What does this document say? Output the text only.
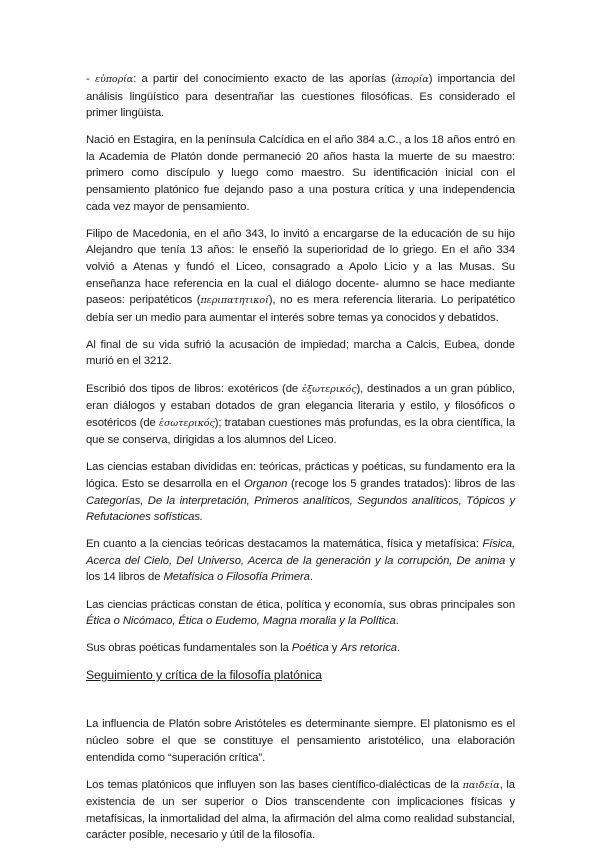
- εὐπορία: a partir del conocimiento exacto de las aporías (ἀπορία) importancia del análisis lingüístico para desentrañar las cuestiones filosóficas. Es considerado el primer lingüista.

Nació en Estagira, en la península Calcídica en el año 384 a.C., a los 18 años entró en la Academia de Platón donde permaneció 20 años hasta la muerte de su maestro: primero como discípulo y luego como maestro. Su identificación inicial con el pensamiento platónico fue dejando paso a una postura crítica y una independencia cada vez mayor de pensamiento.

Filipo de Macedonia, en el año 343, lo invitó a encargarse de la educación de su hijo Alejandro que tenía 13 años: le enseñó la superioridad de lo griego. En el año 334 volvió a Atenas y fundó el Liceo, consagrado a Apolo Licio y a las Musas. Su enseñanza hace referencia en la cual el diálogo docente- alumno se hace mediante paseos: peripatéticos (περιπατητικοί), no es mera referencia literaria. Lo peripatético debía ser un medio para aumentar el interés sobre temas ya conocidos y debatidos.

Al final de su vida sufrió la acusación de impiedad; marcha a Calcis, Eubea, donde murió en el 3212.

Escribió dos tipos de libros: exotéricos (de ἐξωτερικός), destinados a un gran público, eran diálogos y estaban dotados de gran elegancia literaria y estilo, y filosóficos o esotéricos (de ἐσωτερικός); trataban cuestiones más profundas, es la obra científica, la que se conserva, dirigidas a los alumnos del Liceo.

Las ciencias estaban divididas en: teóricas, prácticas y poéticas, su fundamento era la lógica. Esto se desarrolla en el Organon (recoge los 5 grandes tratados): libros de las Categorías, De la interpretación, Primeros analíticos, Segundos analíticos, Tópicos y Refutaciones sofísticas.

En cuanto a la ciencias teóricas destacamos la matemática, física y metafísica: Física, Acerca del Cielo, Del Universo, Acerca de la generación y la corrupción, De anima y los 14 libros de Metafísica o Filosofía Primera.

Las ciencias prácticas constan de ética, política y economía, sus obras principales son Ética o Nicómaco, Ética o Eudemo, Magna moralia y la Política.

Sus obras poéticas fundamentales son la Poética y Ars retorica.

Seguimiento y crítica de la filosofía platónica

La influencia de Platón sobre Aristóteles es determinante siempre. El platonismo es el núcleo sobre el que se constituye el pensamiento aristotélico, una elaboración entendida como “superación crítica”.

Los temas platónicos que influyen son las bases científico-dialécticas de la παιδεία, la existencia de un ser superior o Dios transcendente con implicaciones físicas y metafísicas, la inmortalidad del alma, la afirmación del alma como realidad substancial, carácter posible, necesario y útil de la filosofía.
